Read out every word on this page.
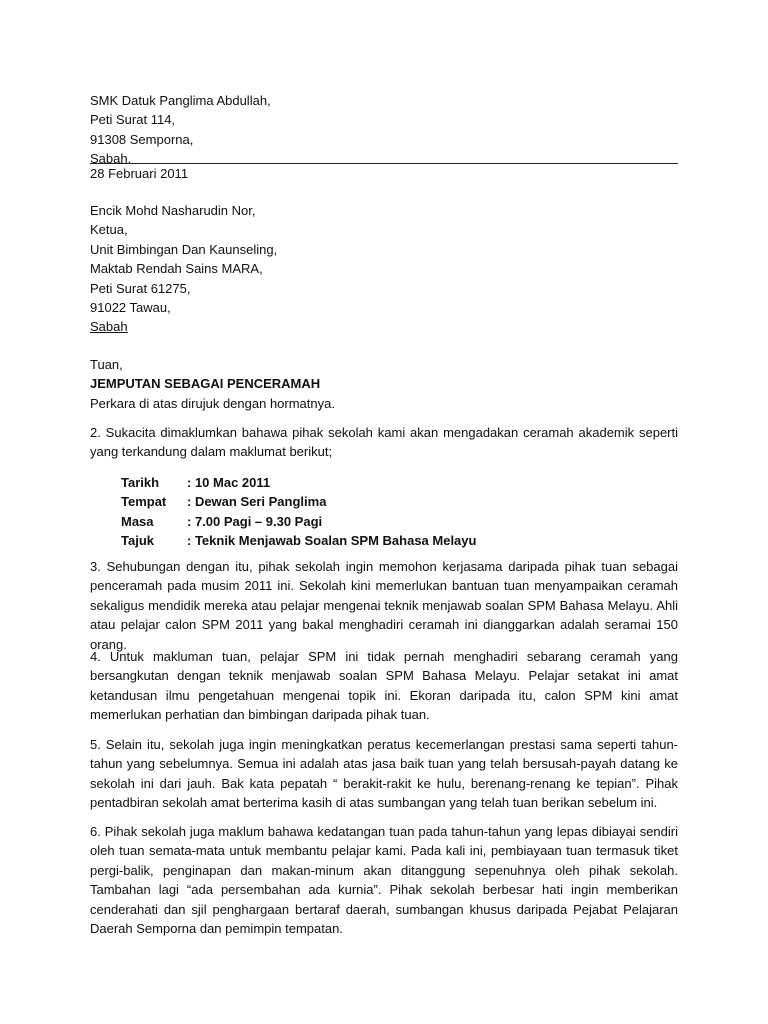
SMK Datuk Panglima Abdullah,
Peti Surat 114,
91308 Semporna,
Sabah.
28 Februari 2011
Encik Mohd Nasharudin Nor,
Ketua,
Unit Bimbingan Dan Kaunseling,
Maktab Rendah Sains MARA,
Peti Surat 61275,
91022 Tawau,
Sabah
Tuan,
JEMPUTAN SEBAGAI PENCERAMAH
Perkara di atas dirujuk dengan hormatnya.
2. Sukacita dimaklumkan bahawa pihak sekolah kami akan mengadakan ceramah akademik seperti yang terkandung dalam maklumat berikut;
Tarikh	: 10 Mac 2011
Tempat	: Dewan Seri Panglima
Masa	: 7.00 Pagi – 9.30 Pagi
Tajuk	: Teknik Menjawab Soalan SPM Bahasa Melayu
3. Sehubungan dengan itu, pihak sekolah ingin memohon kerjasama daripada pihak tuan sebagai penceramah pada musim 2011 ini. Sekolah kini memerlukan bantuan tuan menyampaikan ceramah sekaligus mendidik mereka atau pelajar mengenai teknik menjawab soalan SPM Bahasa Melayu. Ahli atau pelajar calon SPM 2011 yang bakal menghadiri ceramah ini dianggarkan adalah seramai 150 orang.
4. Untuk makluman tuan, pelajar SPM ini tidak pernah menghadiri sebarang ceramah yang bersangkutan dengan teknik menjawab soalan SPM Bahasa Melayu. Pelajar setakat ini amat ketandusan ilmu pengetahuan mengenai topik ini. Ekoran daripada itu, calon SPM kini amat memerlukan perhatian dan bimbingan daripada pihak tuan.
5. Selain itu, sekolah juga ingin meningkatkan peratus kecemerlangan prestasi sama seperti tahun-tahun yang sebelumnya. Semua ini adalah atas jasa baik tuan yang telah bersusah-payah datang ke sekolah ini dari jauh. Bak kata pepatah “ berakit-rakit ke hulu, berenang-renang ke tepian”. Pihak pentadbiran sekolah amat berterima kasih di atas sumbangan yang telah tuan berikan sebelum ini.
6. Pihak sekolah juga maklum bahawa kedatangan tuan pada tahun-tahun yang lepas dibiayai sendiri oleh tuan semata-mata untuk membantu pelajar kami. Pada kali ini, pembiayaan tuan termasuk tiket pergi-balik, penginapan dan makan-minum akan ditanggung sepenuhnya oleh pihak sekolah. Tambahan lagi “ada persembahan ada kurnia”. Pihak sekolah berbesar hati ingin memberikan cenderahati dan sjil penghargaan bertaraf daerah, sumbangan khusus daripada Pejabat Pelajaran Daerah Semporna dan pemimpin tempatan.
